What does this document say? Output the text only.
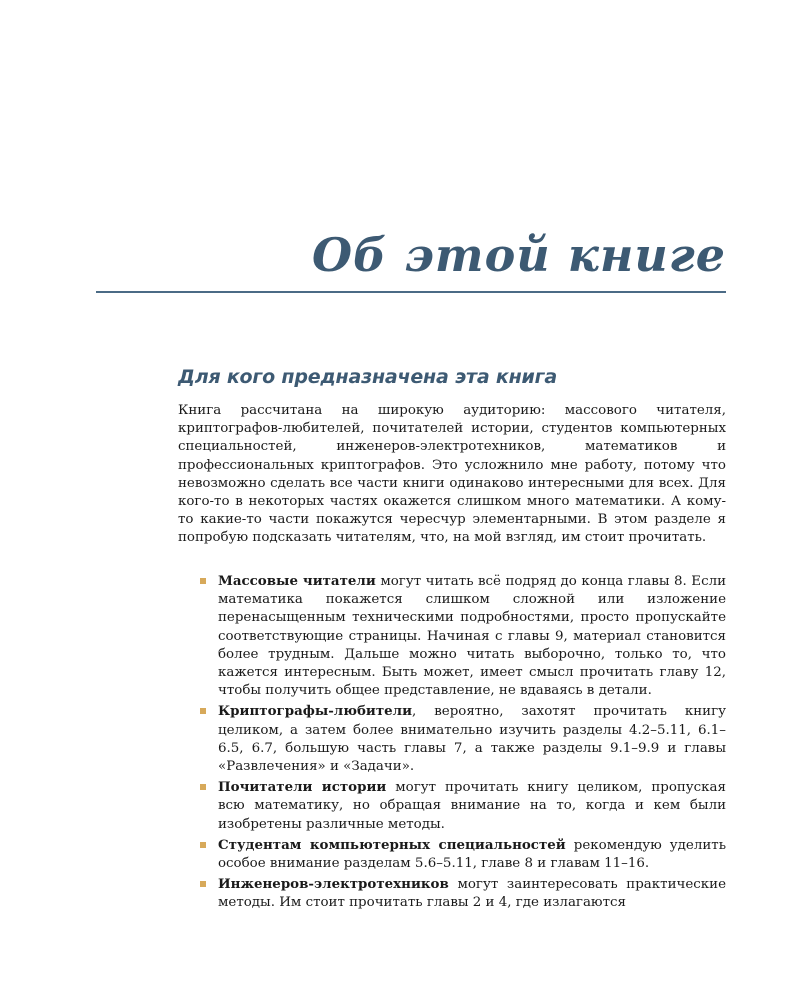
Об этой книге
Для кого предназначена эта книга

Книга рассчитана на широкую аудиторию: массового читателя, криптографов-любителей, почитателей истории, студентов компьютерных специальностей, инженеров-электротехников, математиков и профессиональных криптографов. Это усложнило мне работу, потому что невозможно сделать все части книги одинаково интересными для всех. Для кого-то в некоторых частях окажется слишком много математики. А кому-то какие-то части покажутся чересчур элементарными. В этом разделе я попробую подсказать читателям, что, на мой взгляд, им стоит прочитать.

Массовые читатели могут читать всё подряд до конца главы 8. Если математика покажется слишком сложной или изложение перенасыщенным техническими подробностями, просто пропускайте соответствующие страницы. Начиная с главы 9, материал становится более трудным. Дальше можно читать выборочно, только то, что кажется интересным. Быть может, имеет смысл прочитать главу 12, чтобы получить общее представление, не вдаваясь в детали.
Криптографы-любители, вероятно, захотят прочитать книгу целиком, а затем более внимательно изучить разделы 4.2–5.11, 6.1–6.5, 6.7, большую часть главы 7, а также разделы 9.1–9.9 и главы «Развлечения» и «Задачи».
Почитатели истории могут прочитать книгу целиком, пропуская всю математику, но обращая внимание на то, когда и кем были изобретены различные методы.
Студентам компьютерных специальностей рекомендую уделить особое внимание разделам 5.6–5.11, главе 8 и главам 11–16.
Инженеров-электротехников могут заинтересовать практические методы. Им стоит прочитать главы 2 и 4, где излагаются
